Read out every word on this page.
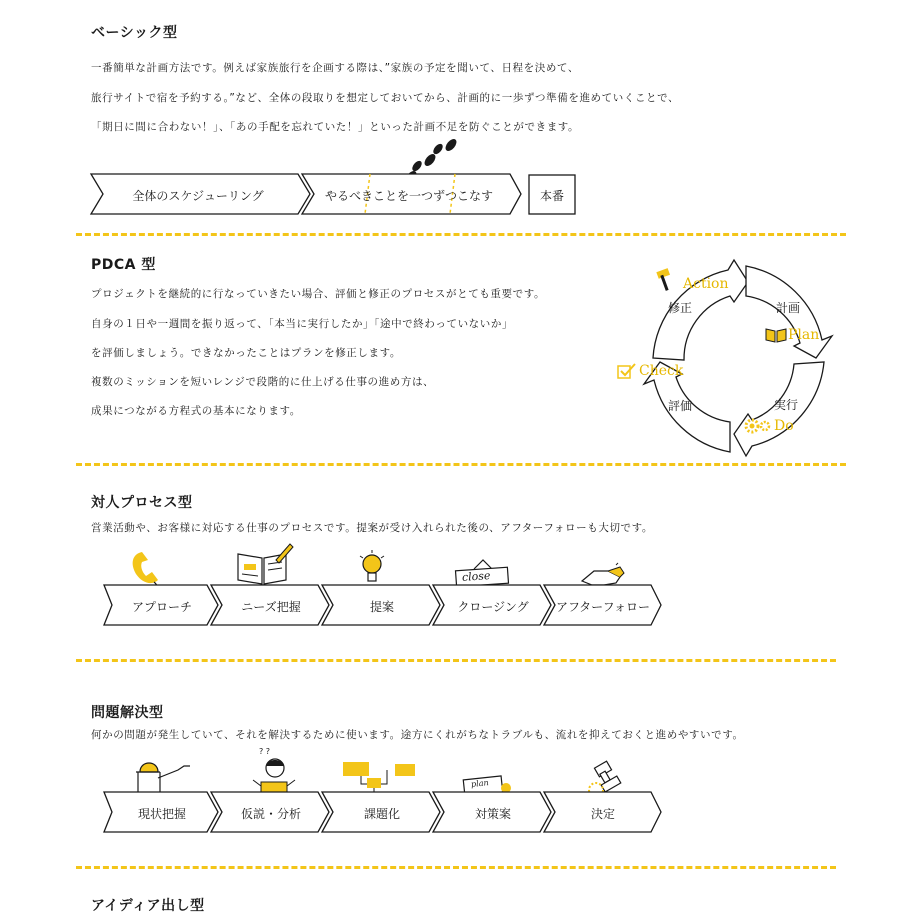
ベーシック型
一番簡単な計画方法です。例えば家族旅行を企画する際は、”家族の予定を聞いて、日程を決めて、
旅行サイトで宿を予約する。”など、全体の段取りを想定しておいてから、計画的に一歩ずつ準備を進めていくことで、
「期日に間に合わない！」、「あの手配を忘れていた！」といった計画不足を防ぐことができます。
全体のスケジューリング	やるべきことを一つずつこなす	本番
PDCA 型
プロジェクトを継続的に行なっていきたい場合、評価と修正のプロセスがとても重要です。
自身の１日や一週間を振り返って、「本当に実行したか」「途中で終わっていないか」
を評価しましょう。できなかったことはプランを修正します。
複数のミッションを短いレンジで段階的に仕上げる仕事の進め方は、
成果につながる方程式の基本になります。
Action
修正	計画
Plan
Check
評価	実行
Do
対人プロセス型
営業活動や、お客様に対応する仕事のプロセスです。提案が受け入れられた後の、アフターフォローも大切です。
close
アプローチ	ニーズ把握	提案	クロージング アフターフォロー
問題解決型
何かの問題が発生していて、それを解決するために使います。途方にくれがちなトラブルも、流れを抑えておくと進めやすいです。
? ?
plan
現状把握	仮説・分析	課題化	対策案	決定
アイディア出し型
